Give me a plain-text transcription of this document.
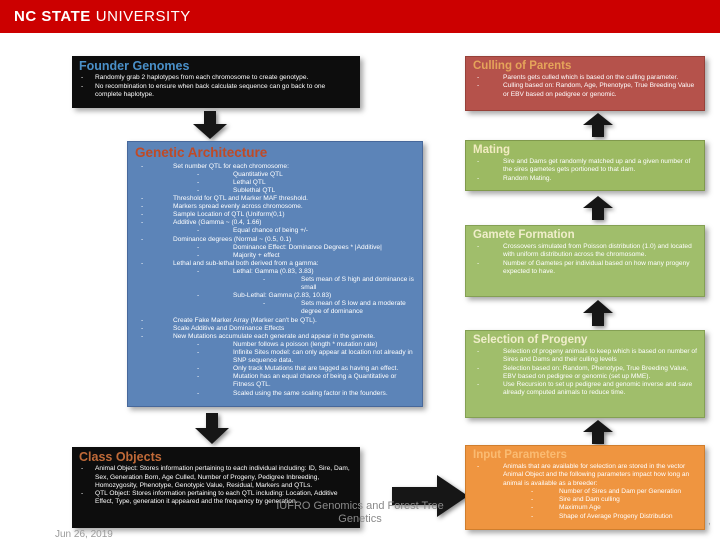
NC STATE UNIVERSITY
Founder Genomes
-	Randomly grab 2 haplotypes from each chromosome to create genotype.
-	No recombination to ensure when back calculate sequence can go back to one complete haplotype.
Genetic Architecture
-	Set number QTL for each chromosome:
-	Quantitative QTL
-	Lethal QTL
-	Sublethal QTL
-	Threshold for QTL and Marker MAF threshold.
-	Markers spread evenly across chromosome.
-	Sample Location of QTL (Uniform(0,1)
-	Additive (Gamma ~ (0.4, 1.66)
-	Equal chance of being +/-
-	Dominance degrees (Normal ~ (0.5, 0.1)
-	Dominance Effect: Dominance Degrees * |Additive|
-	Majority + effect
-	Lethal and sub-lethal both derived from a gamma:
-	Lethal: Gamma (0.83, 3.83)
-	Sets mean of S high and dominance is small
-	Sub-Lethal: Gamma (2.83, 10.83)
-	Sets mean of S low and a moderate degree of dominance
-	Create Fake Marker Array (Marker can't be QTL).
-	Scale Additive and Dominance Effects
-	New Mutations accumulate each generate and appear in the gamete.
-	Number follows a poisson (length * mutation rate)
-	Infinite Sites model: can only appear at location not already in SNP sequence data.
-	Only track Mutations that are tagged as having an effect.
-	Mutation has an equal chance of being a Quantitative or Fitness QTL.
-	Scaled using the same scaling factor in the founders.
Class Objects
-	Animal Object: Stores information pertaining to each individual including: ID, Sire, Dam, Sex, Generation Born, Age Culled, Number of Progeny, Pedigree Inbreeding, Homozygosity, Phenotype, Genotypic Value, Residual, Markers and QTLs.
-	QTL Object: Stores information pertaining to each QTL including: Location, Additive Effect, Type, generation it appeared and the frequency by generation.
Culling of Parents
-	Parents gets culled which is based on the culling parameter.
-	Culling based on: Random, Age, Phenotype, True Breeding Value or EBV based on pedigree or genomic.
Mating
-	Sire and Dams get randomly matched up and a given number of the sires gametes gets portioned to that dam.
-	Random Mating.
Gamete Formation
-	Crossovers simulated from Poisson distribution (1.0) and located with uniform distribution across the chromosome.
-	Number of Gametes per individual based on how many progeny expected to have.
Selection of Progeny
-	Selection of progeny animals to keep which is based on number of Sires and Dams and their culling levels
-	Selection based on: Random, Phenotype, True Breeding Value, EBV based on pedigree or genomic (set up MME).
-	Use Recursion to set up pedigree and genomic inverse and save already computed animals to reduce time.
Input Parameters
-	Animals that are available for selection are stored in the vector Animal Object and the following parameters impact how long an animal is available as a breeder:
-	Number of Sires and Dam per Generation
-	Sire and Dam culling
-	Maximum Age
-	Shape of Average Progeny Distribution
IUFRO Genomics and Forest Tree
Genetics
Jun 26, 2019
,
